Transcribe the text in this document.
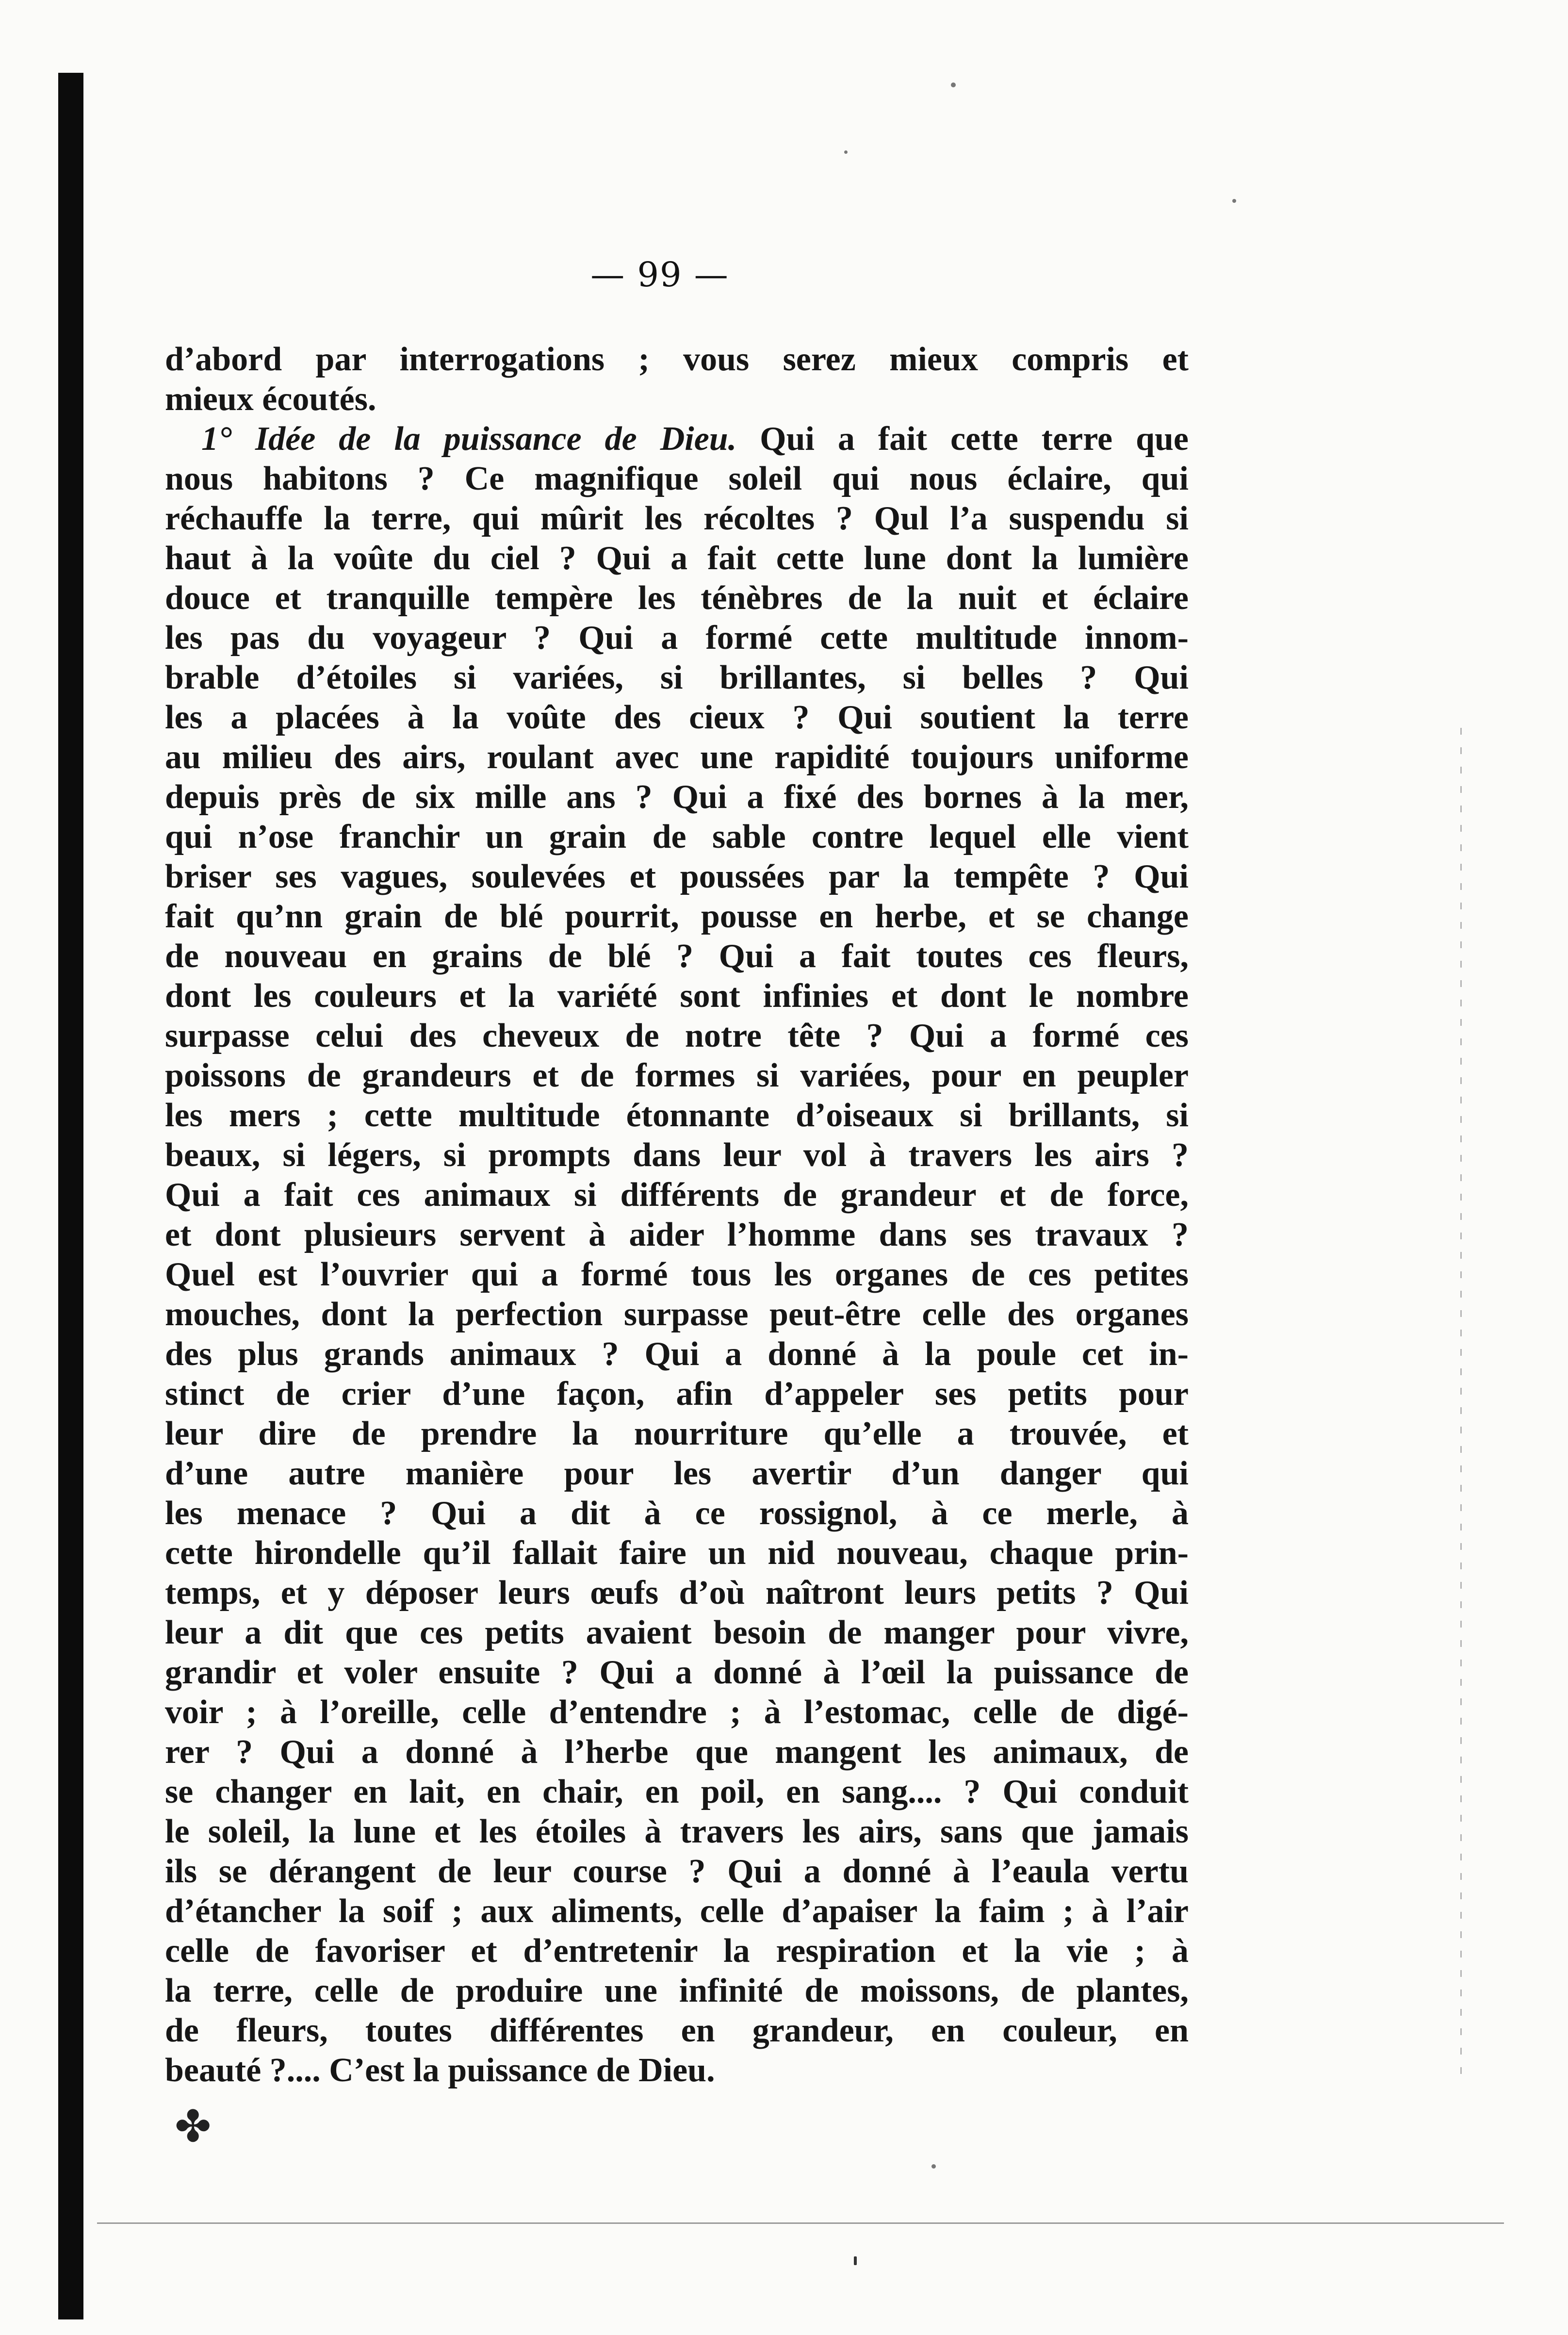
— 99 —
d’abord par interrogations ; vous serez mieux compris et
mieux écoutés.
1° Idée de la puissance de Dieu. Qui a fait cette terre que
nous habitons ? Ce magnifique soleil qui nous éclaire, qui
réchauffe la terre, qui mûrit les récoltes ? Qul l’a suspendu si
haut à la voûte du ciel ? Qui a fait cette lune dont la lumière
douce et tranquille tempère les ténèbres de la nuit et éclaire
les pas du voyageur ? Qui a formé cette multitude innom-
brable d’étoiles si variées, si brillantes, si belles ? Qui
les a placées à la voûte des cieux ? Qui soutient la terre
au milieu des airs, roulant avec une rapidité toujours uniforme
depuis près de six mille ans ? Qui a fixé des bornes à la mer,
qui n’ose franchir un grain de sable contre lequel elle vient
briser ses vagues, soulevées et poussées par la tempête ? Qui
fait qu’nn grain de blé pourrit, pousse en herbe, et se change
de nouveau en grains de blé ? Qui a fait toutes ces fleurs,
dont les couleurs et la variété sont infinies et dont le nombre
surpasse celui des cheveux de notre tête ? Qui a formé ces
poissons de grandeurs et de formes si variées, pour en peupler
les mers ; cette multitude étonnante d’oiseaux si brillants, si
beaux, si légers, si prompts dans leur vol à travers les airs ?
Qui a fait ces animaux si différents de grandeur et de force,
et dont plusieurs servent à aider l’homme dans ses travaux ?
Quel est l’ouvrier qui a formé tous les organes de ces petites
mouches, dont la perfection surpasse peut-être celle des organes
des plus grands animaux ? Qui a donné à la poule cet in-
stinct de crier d’une façon, afin d’appeler ses petits pour
leur dire de prendre la nourriture qu’elle a trouvée, et
d’une autre manière pour les avertir d’un danger qui
les menace ? Qui a dit à ce rossignol, à ce merle, à
cette hirondelle qu’il fallait faire un nid nouveau, chaque prin-
temps, et y déposer leurs œufs d’où naîtront leurs petits ? Qui
leur a dit que ces petits avaient besoin de manger pour vivre,
grandir et voler ensuite ? Qui a donné à l’œil la puissance de
voir ; à l’oreille, celle d’entendre ; à l’estomac, celle de digé-
rer ? Qui a donné à l’herbe que mangent les animaux, de
se changer en lait, en chair, en poil, en sang.... ? Qui conduit
le soleil, la lune et les étoiles à travers les airs, sans que jamais
ils se dérangent de leur course ? Qui a donné à l’eaula vertu
d’étancher la soif ; aux aliments, celle d’apaiser la faim ; à l’air
celle de favoriser et d’entretenir la respiration et la vie ; à
la terre, celle de produire une infinité de moissons, de plantes,
de fleurs, toutes différentes en grandeur, en couleur, en
beauté ?.... C’est la puissance de Dieu.
✤
